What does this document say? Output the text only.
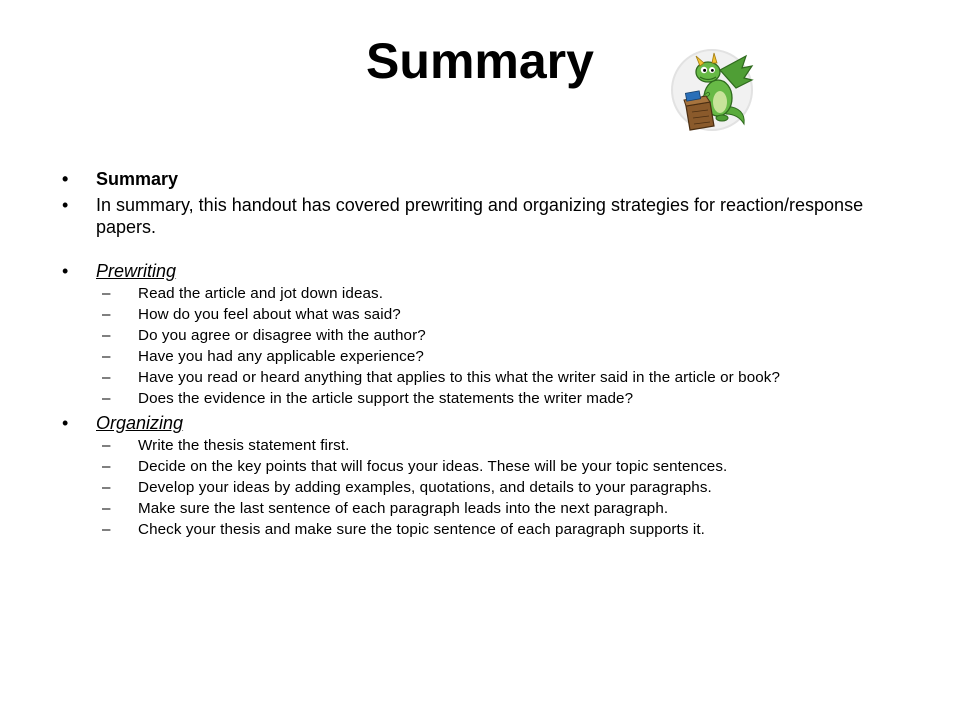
Summary
•	Summary
•	In summary, this handout has covered prewriting and organizing strategies for reaction/response papers.
•	Prewriting
– Read the article and jot down ideas.
– How do you feel about what was said?
– Do you agree or disagree with the author?
– Have you had any applicable experience?
– Have you read or heard anything that applies to this what the writer said in the article or book?
– Does the evidence in the article support the statements the writer made?
•	Organizing
– Write the thesis statement first.
– Decide on the key points that will focus your ideas. These will be your topic sentences.
– Develop your ideas by adding examples, quotations, and details to your paragraphs.
– Make sure the last sentence of each paragraph leads into the next paragraph.
– Check your thesis and make sure the topic sentence of each paragraph supports it.
